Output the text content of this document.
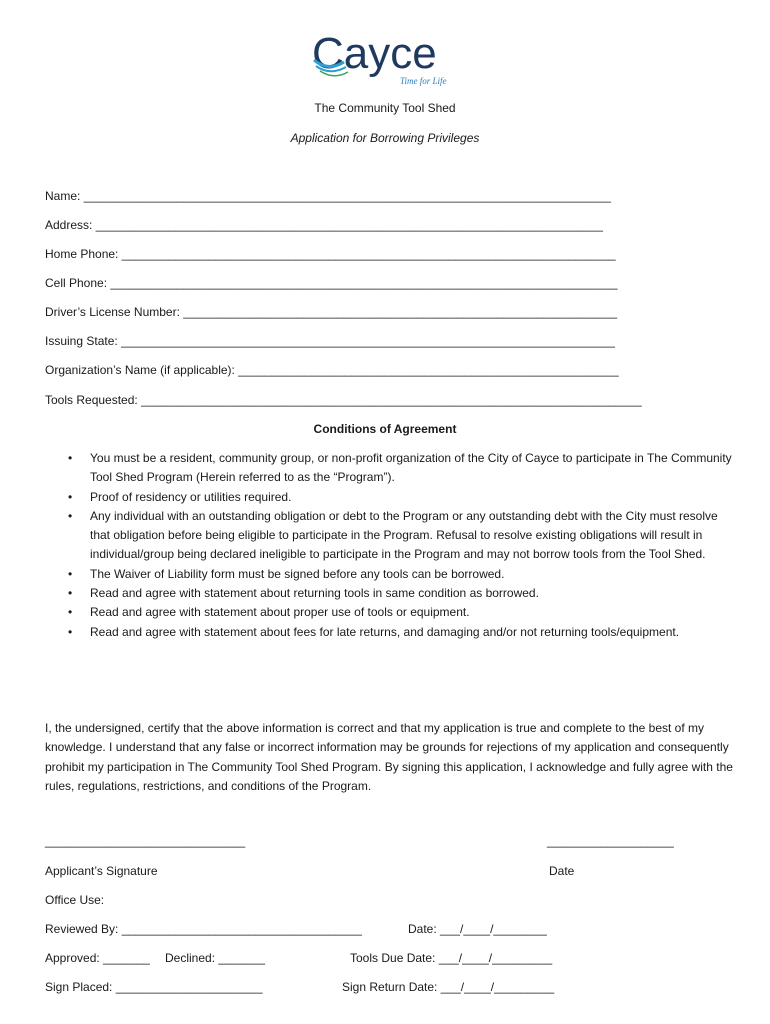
Cayce
Time for Life
The Community Tool Shed
Application for Borrowing Privileges
Name: _______________________________________________________________________________
Address: ____________________________________________________________________________
Home Phone: __________________________________________________________________________
Cell Phone: ____________________________________________________________________________
Driver’s License Number: _________________________________________________________________
Issuing State: __________________________________________________________________________
Organization’s Name (if applicable): _________________________________________________________
Tools Requested: ___________________________________________________________________________
Conditions of Agreement
• You must be a resident, community group, or non-profit organization of the City of Cayce to participate in The Community Tool Shed Program (Herein referred to as the “Program”).
• Proof of residency or utilities required.
• Any individual with an outstanding obligation or debt to the Program or any outstanding debt with the City must resolve that obligation before being eligible to participate in the Program. Refusal to resolve existing obligations will result in individual/group being declared ineligible to participate in the Program and may not borrow tools from the Tool Shed.
• The Waiver of Liability form must be signed before any tools can be borrowed.
• Read and agree with statement about returning tools in same condition as borrowed.
• Read and agree with statement about proper use of tools or equipment.
• Read and agree with statement about fees for late returns, and damaging and/or not returning tools/equipment.

I, the undersigned, certify that the above information is correct and that my application is true and complete to the best of my knowledge. I understand that any false or incorrect information may be grounds for rejections of my application and consequently prohibit my participation in The Community Tool Shed Program. By signing this application, I acknowledge and fully agree with the rules, regulations, restrictions, and conditions of the Program.

______________________________	___________________
Applicant’s Signature	Date
Office Use:
Reviewed By: ____________________________________	Date: ___/____/________
Approved: _______ Declined: _______	Tools Due Date: ___/____/_________
Sign Placed: ______________________	Sign Return Date: ___/____/_________
